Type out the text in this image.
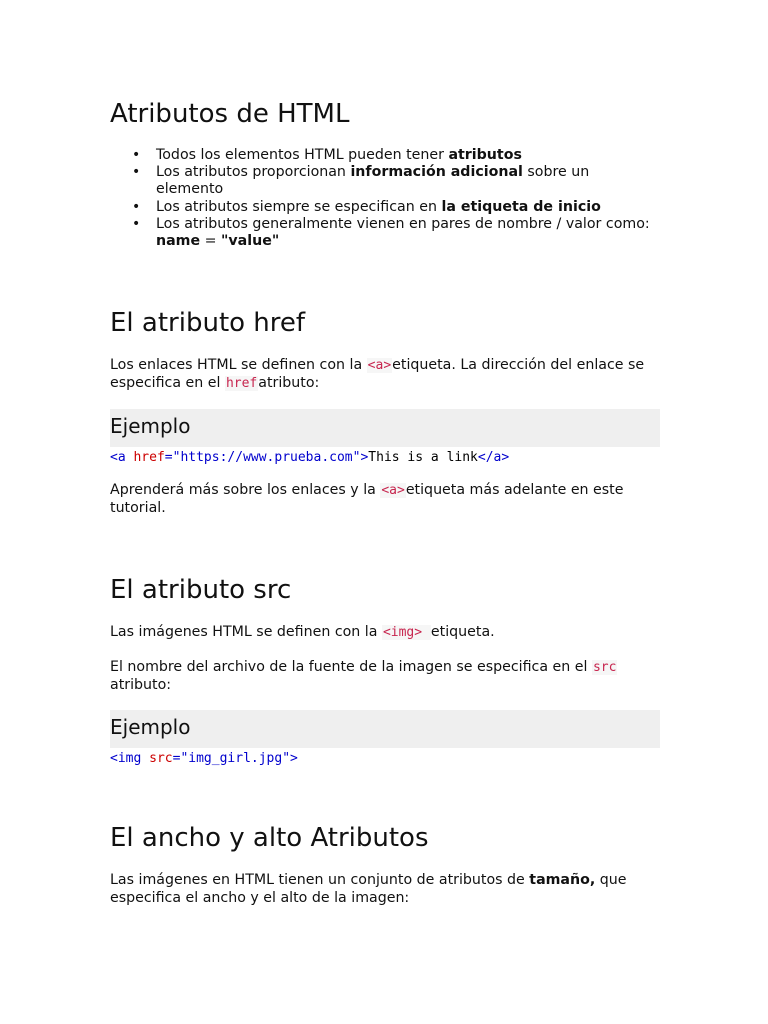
Atributos de HTML
• Todos los elementos HTML pueden tener atributos
• Los atributos proporcionan información adicional sobre un elemento
• Los atributos siempre se especifican en la etiqueta de inicio
• Los atributos generalmente vienen en pares de nombre / valor como: name = "value"
El atributo href

Los enlaces HTML se definen con la <a>etiqueta. La dirección del enlace se especifica en el hrefatributo:

Ejemplo
<a href="https://www.prueba.com">This is a link</a>

Aprenderá más sobre los enlaces y la <a>etiqueta más adelante en este tutorial.

El atributo src

Las imágenes HTML se definen con la <img> etiqueta.

El nombre del archivo de la fuente de la imagen se especifica en el src atributo:

Ejemplo
<img src="img_girl.jpg">
El ancho y alto Atributos

Las imágenes en HTML tienen un conjunto de atributos de tamaño, que especifica el ancho y el alto de la imagen:
